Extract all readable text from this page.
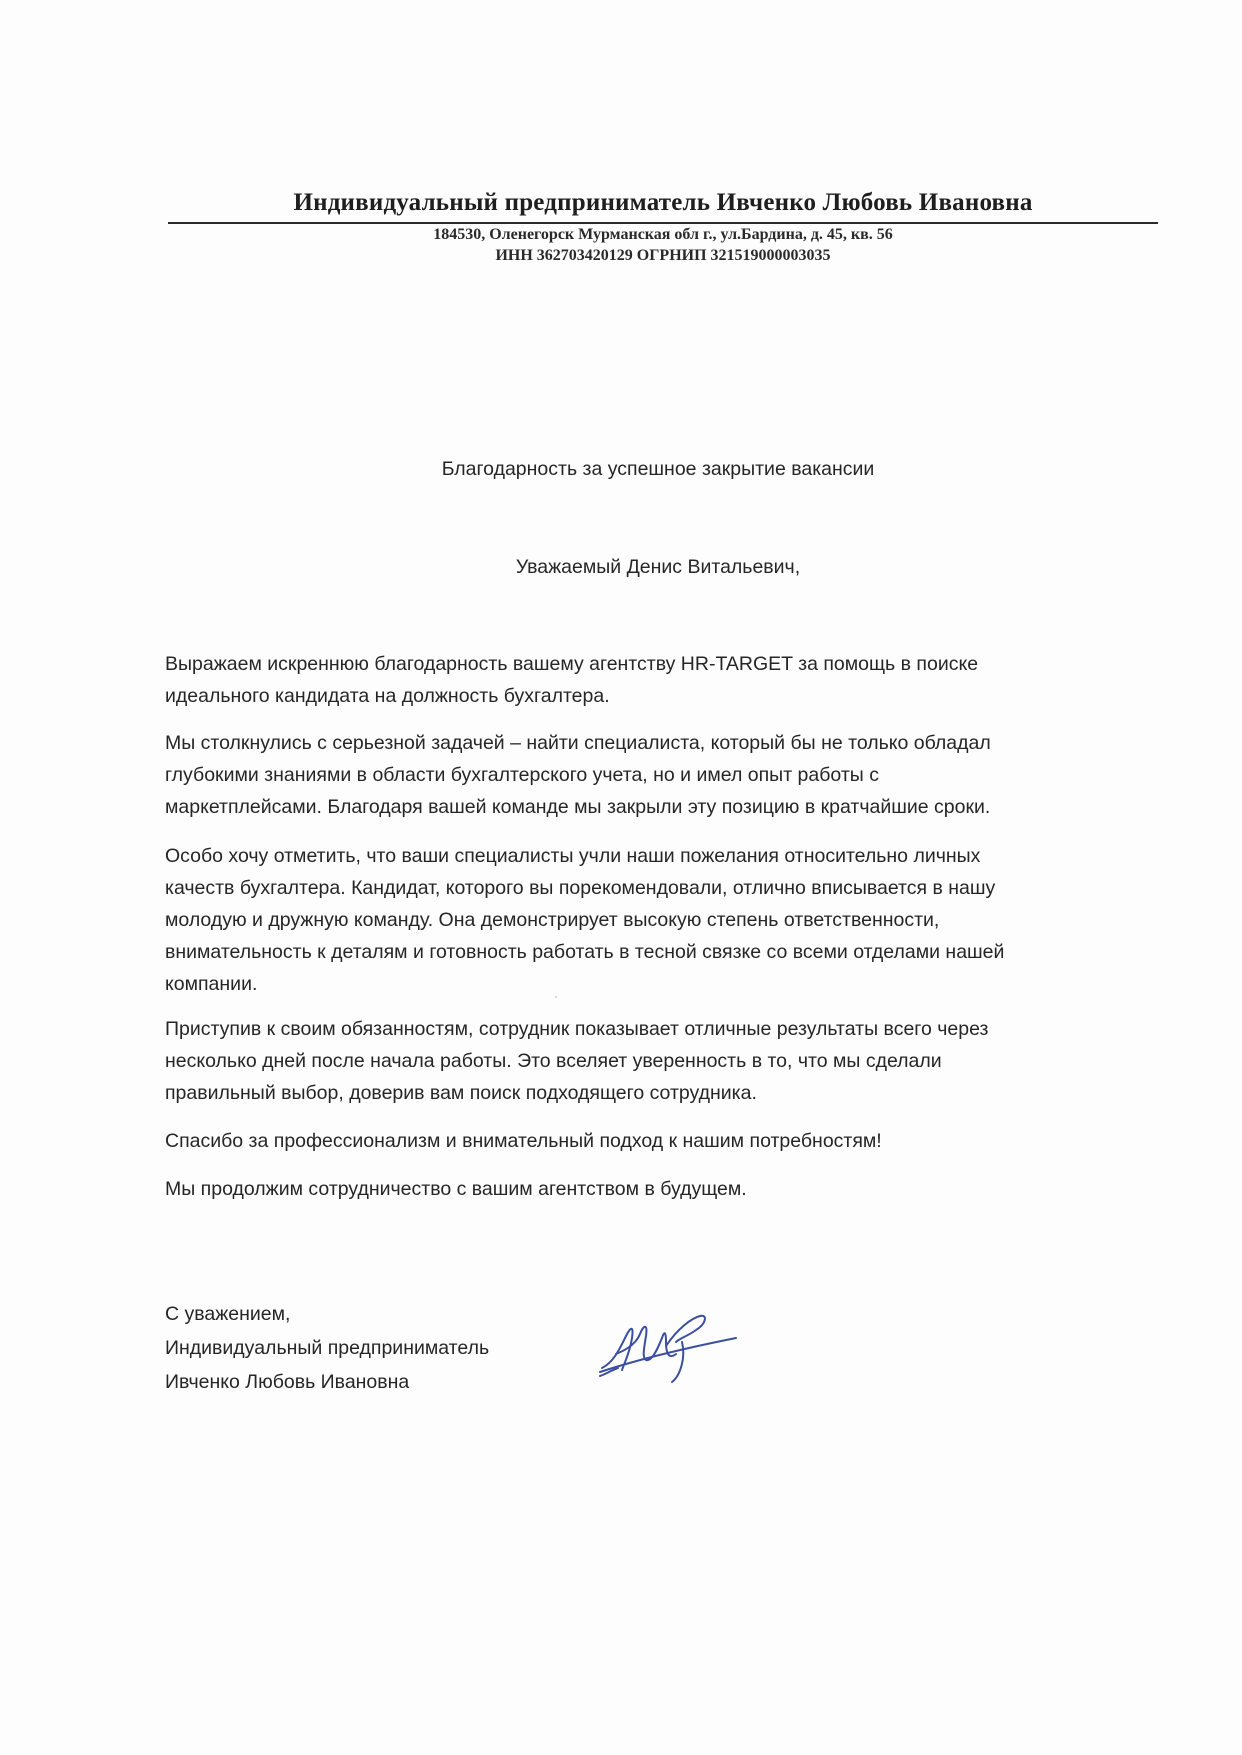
Индивидуальный предприниматель Ивченко Любовь Ивановна
184530, Оленегорск Мурманская обл г., ул.Бардина, д. 45, кв. 56
ИНН 362703420129 ОГРНИП 321519000003035
Благодарность за успешное закрытие вакансии
Уважаемый Денис Витальевич,
Выражаем искреннюю благодарность вашему агентству HR-TARGET за помощь в поиске
идеального кандидата на должность бухгалтера.
Мы столкнулись с серьезной задачей – найти специалиста, который бы не только обладал
глубокими знаниями в области бухгалтерского учета, но и имел опыт работы с
маркетплейсами. Благодаря вашей команде мы закрыли эту позицию в кратчайшие сроки.
Особо хочу отметить, что ваши специалисты учли наши пожелания относительно личных
качеств бухгалтера. Кандидат, которого вы порекомендовали, отлично вписывается в нашу
молодую и дружную команду. Она демонстрирует высокую степень ответственности,
внимательность к деталям и готовность работать в тесной связке со всеми отделами нашей
компании.
Приступив к своим обязанностям, сотрудник показывает отличные результаты всего через
несколько дней после начала работы. Это вселяет уверенность в то, что мы сделали
правильный выбор, доверив вам поиск подходящего сотрудника.
Спасибо за профессионализм и внимательный подход к нашим потребностям!
Мы продолжим сотрудничество с вашим агентством в будущем.
С уважением,
Индивидуальный предприниматель
Ивченко Любовь Ивановна
